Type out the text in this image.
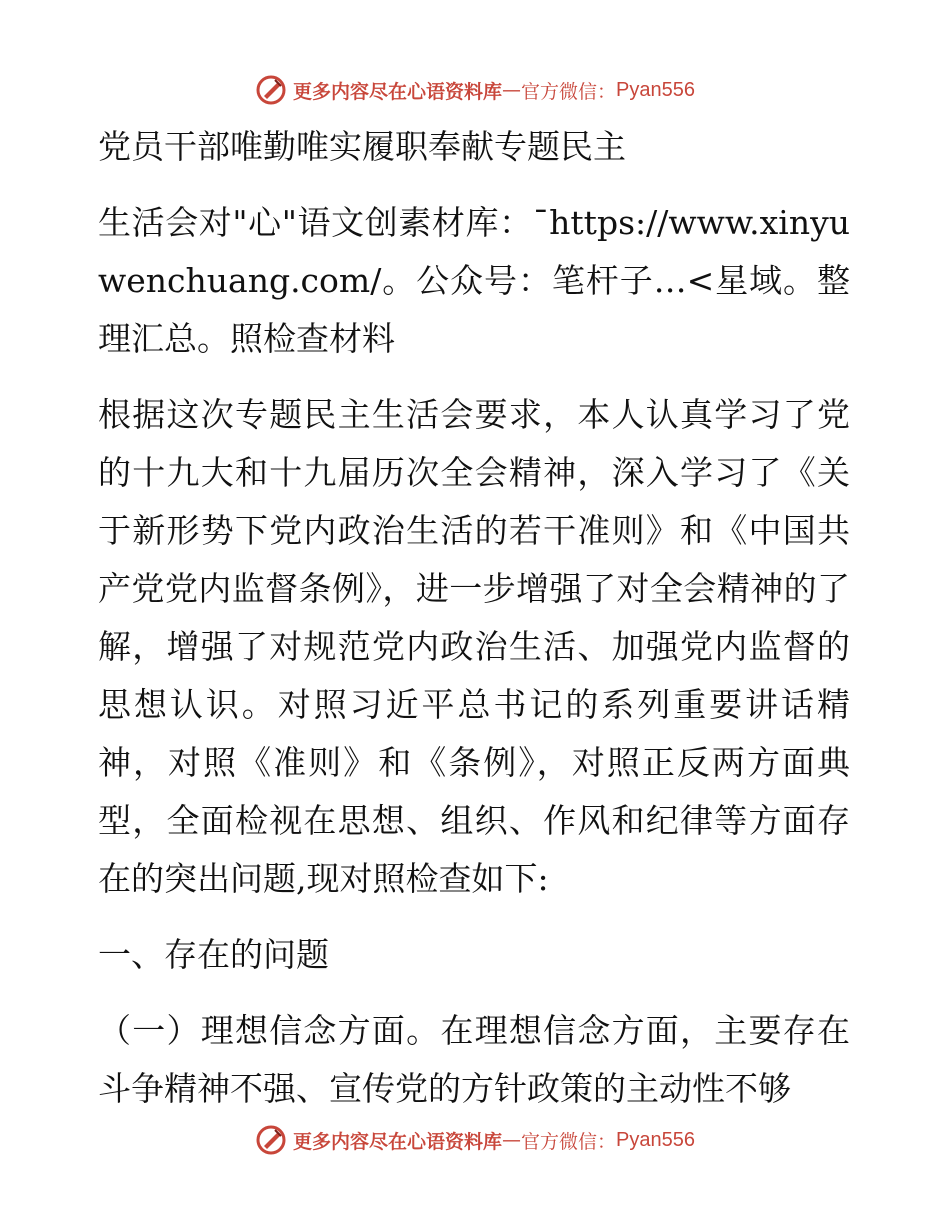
更多内容尽在心语资料库 — 官方微信： Pyan556

党员干部唯勤唯实履职奉献专题民主

生活会对"心"语文创素材库：¯https://www.xinyuwenchuang.com/。公众号：笔杆子…<星域。整理汇总。照检查材料

根据这次专题民主生活会要求，本人认真学习了党的十九大和十九届历次全会精神，深入学习了《关于新形势下党内政治生活的若干准则》和《中国共产党党内监督条例》，进一步增强了对全会精神的了解，增强了对规范党内政治生活、加强党内监督的思想认识。对照习近平总书记的系列重要讲话精神，对照《准则》和《条例》，对照正反两方面典型，全面检视在思想、组织、作风和纪律等方面存在的突出问题,现对照检查如下:

一、存在的问题

（一）理想信念方面。在理想信念方面，主要存在斗争精神不强、宣传党的方针政策的主动性不够

更多内容尽在心语资料库 — 官方微信： Pyan556
